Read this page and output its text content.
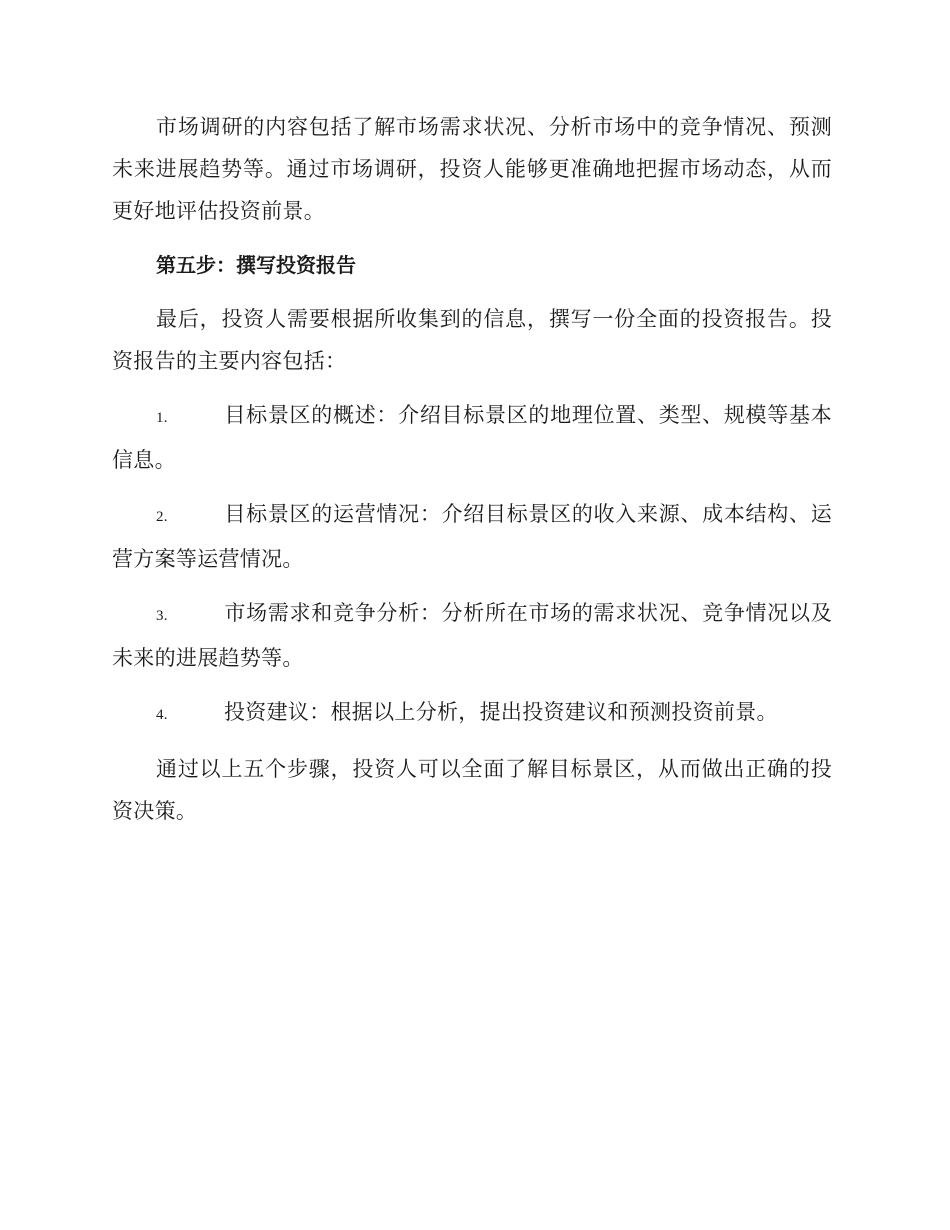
市场调研的内容包括了解市场需求状况、分析市场中的竞争情况、预测未来进展趋势等。通过市场调研，投资人能够更准确地把握市场动态，从而更好地评估投资前景。

第五步：撰写投资报告

最后，投资人需要根据所收集到的信息，撰写一份全面的投资报告。投资报告的主要内容包括：

1.	目标景区的概述：介绍目标景区的地理位置、类型、规模等基本信息。

2.	目标景区的运营情况：介绍目标景区的收入来源、成本结构、运营方案等运营情况。

3.	市场需求和竞争分析：分析所在市场的需求状况、竞争情况以及未来的进展趋势等。

4.	投资建议：根据以上分析，提出投资建议和预测投资前景。

通过以上五个步骤，投资人可以全面了解目标景区，从而做出正确的投资决策。
